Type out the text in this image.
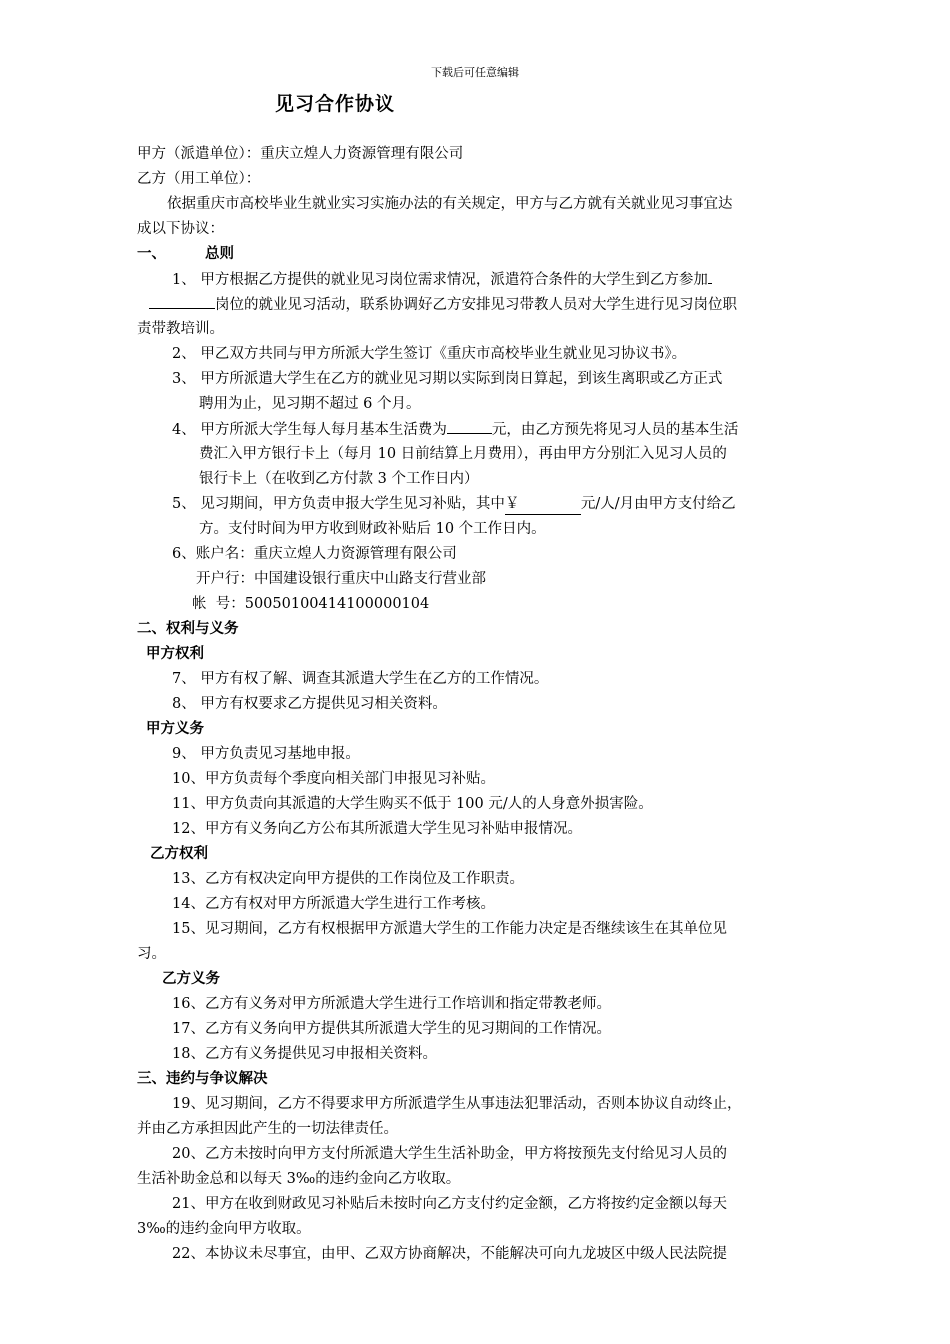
下载后可任意编辑
见习合作协议
甲方（派遣单位）：重庆立煌人力资源管理有限公司
乙方（用工单位）：
依据重庆市高校毕业生就业实习实施办法的有关规定，甲方与乙方就有关就业见习事宜达
成以下协议：
一、	总则
1、 甲方根据乙方提供的就业见习岗位需求情况，派遣符合条件的大学生到乙方参加
岗位的就业见习活动，联系协调好乙方安排见习带教人员对大学生进行见习岗位职
责带教培训。
2、 甲乙双方共同与甲方所派大学生签订《重庆市高校毕业生就业见习协议书》。
3、 甲方所派遣大学生在乙方的就业见习期以实际到岗日算起，到该生离职或乙方正式
聘用为止，见习期不超过 6 个月。
4、 甲方所派大学生每人每月基本生活费为	元，由乙方预先将见习人员的基本生活
费汇入甲方银行卡上（每月 10 日前结算上月费用），再由甲方分别汇入见习人员的
银行卡上（在收到乙方付款 3 个工作日内）
5、 见习期间，甲方负责申报大学生见习补贴，其中￥	元/人/月由甲方支付给乙
方。支付时间为甲方收到财政补贴后 10 个工作日内。
6、账户名：重庆立煌人力资源管理有限公司
开户行：中国建设银行重庆中山路支行营业部
帐  号：50050100414100000104
二、权利与义务
甲方权利
7、 甲方有权了解、调查其派遣大学生在乙方的工作情况。
8、 甲方有权要求乙方提供见习相关资料。
甲方义务
9、 甲方负责见习基地申报。
10、甲方负责每个季度向相关部门申报见习补贴。
11、甲方负责向其派遣的大学生购买不低于 100 元/人的人身意外损害险。
12、甲方有义务向乙方公布其所派遣大学生见习补贴申报情况。
乙方权利
13、乙方有权决定向甲方提供的工作岗位及工作职责。
14、乙方有权对甲方所派遣大学生进行工作考核。
15、见习期间，乙方有权根据甲方派遣大学生的工作能力决定是否继续该生在其单位见
习。
乙方义务
16、乙方有义务对甲方所派遣大学生进行工作培训和指定带教老师。
17、乙方有义务向甲方提供其所派遣大学生的见习期间的工作情况。
18、乙方有义务提供见习申报相关资料。
三、违约与争议解决
19、见习期间，乙方不得要求甲方所派遣学生从事违法犯罪活动，否则本协议自动终止，
并由乙方承担因此产生的一切法律责任。
20、乙方未按时向甲方支付所派遣大学生生活补助金，甲方将按预先支付给见习人员的
生活补助金总和以每天 3‰的违约金向乙方收取。
21、甲方在收到财政见习补贴后未按时向乙方支付约定金额，乙方将按约定金额以每天
3‰的违约金向甲方收取。
22、本协议未尽事宜，由甲、乙双方协商解决，不能解决可向九龙坡区中级人民法院提
